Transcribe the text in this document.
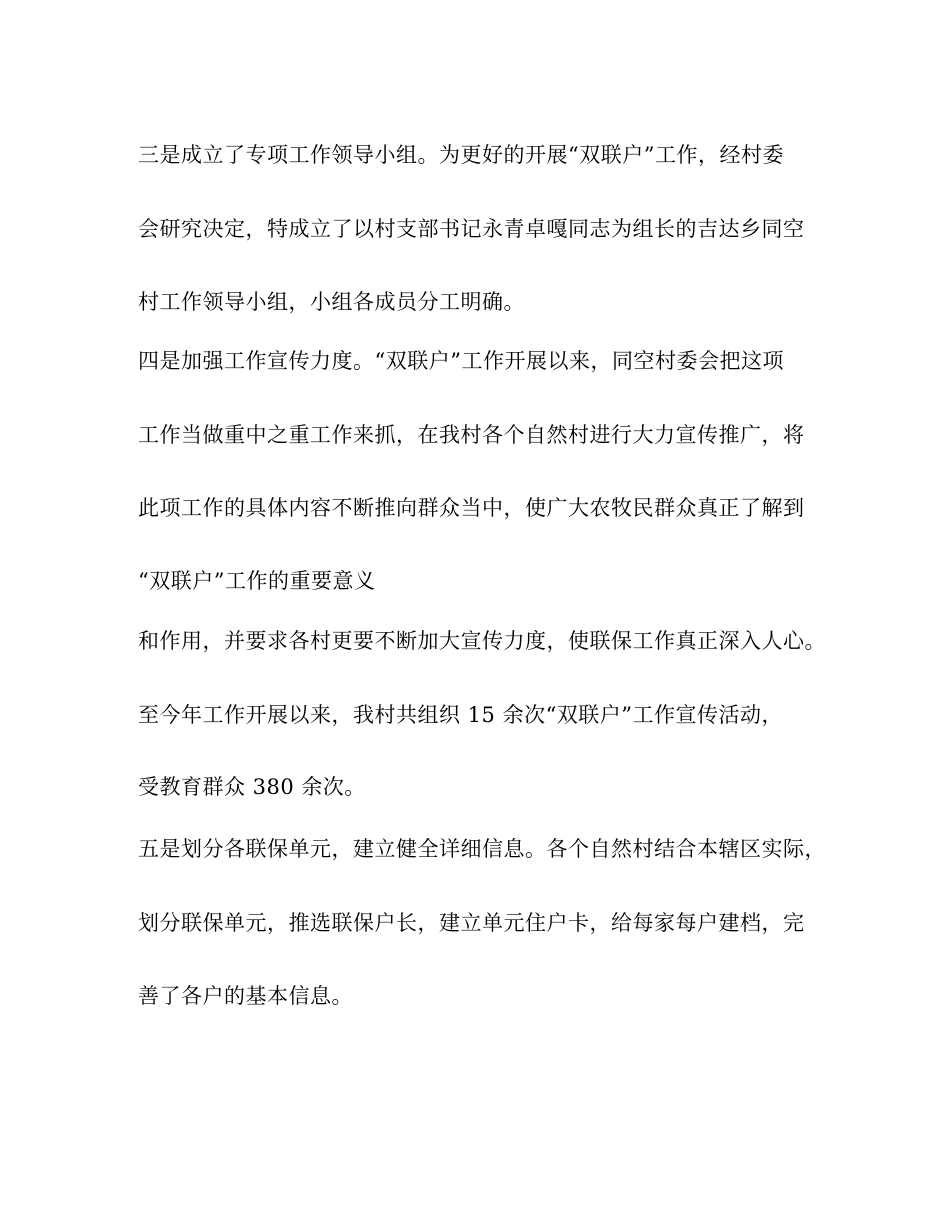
三是成立了专项工作领导小组。为更好的开展“双联户”工作，经村委
会研究决定，特成立了以村支部书记永青卓嘎同志为组长的吉达乡同空
村工作领导小组，小组各成员分工明确。
四是加强工作宣传力度。“双联户”工作开展以来，同空村委会把这项
工作当做重中之重工作来抓，在我村各个自然村进行大力宣传推广，将
此项工作的具体内容不断推向群众当中，使广大农牧民群众真正了解到
“双联户”工作的重要意义
和作用，并要求各村更要不断加大宣传力度，使联保工作真正深入人心。
至今年工作开展以来，我村共组织 15 余次“双联户”工作宣传活动，
受教育群众 380 余次。
五是划分各联保单元，建立健全详细信息。各个自然村结合本辖区实际，
划分联保单元，推选联保户长，建立单元住户卡，给每家每户建档，完
善了各户的基本信息。
